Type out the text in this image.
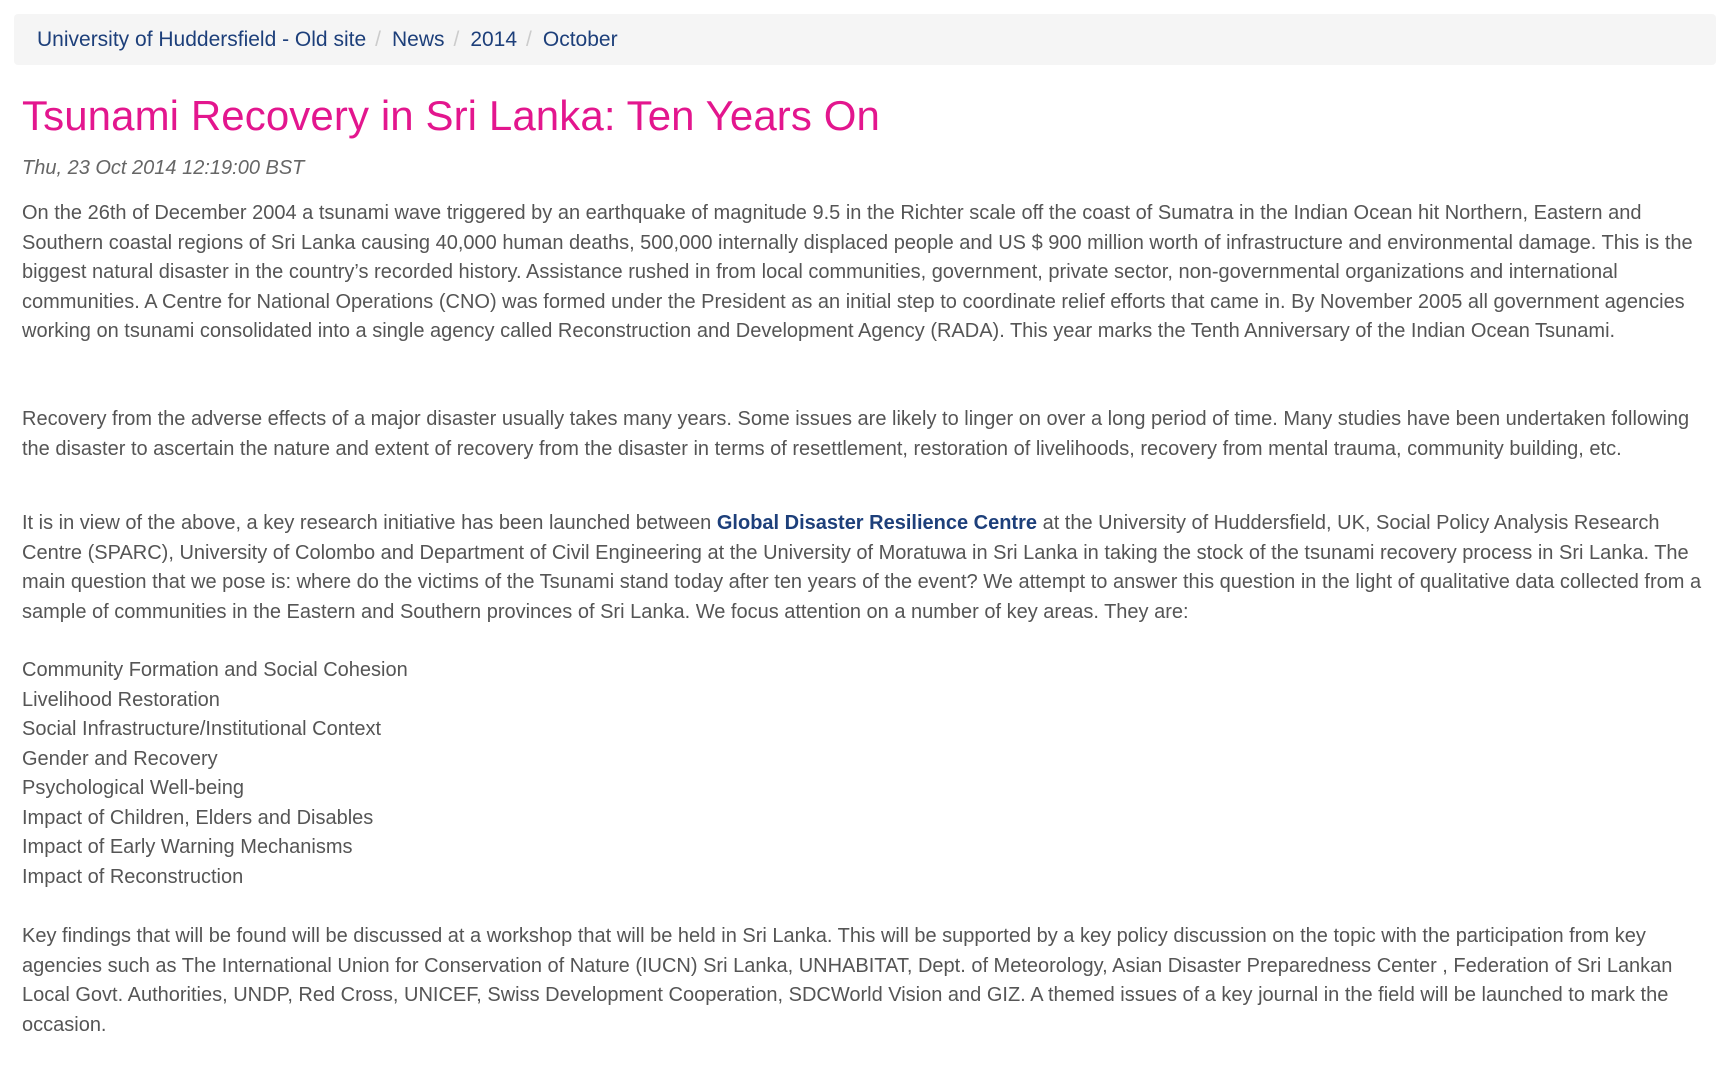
University of Huddersfield - Old site / News / 2014 / October
Tsunami Recovery in Sri Lanka: Ten Years On
Thu, 23 Oct 2014 12:19:00 BST

On the 26th of December 2004 a tsunami wave triggered by an earthquake of magnitude 9.5 in the Richter scale off the coast of Sumatra in the Indian Ocean hit Northern, Eastern and Southern coastal regions of Sri Lanka causing 40,000 human deaths, 500,000 internally displaced people and US $ 900 million worth of infrastructure and environmental damage. This is the biggest natural disaster in the country’s recorded history. Assistance rushed in from local communities, government, private sector, non-governmental organizations and international communities. A Centre for National Operations (CNO) was formed under the President as an initial step to coordinate relief efforts that came in. By November 2005 all government agencies working on tsunami consolidated into a single agency called Reconstruction and Development Agency (RADA). This year marks the Tenth Anniversary of the Indian Ocean Tsunami.

Recovery from the adverse effects of a major disaster usually takes many years. Some issues are likely to linger on over a long period of time. Many studies have been undertaken following the disaster to ascertain the nature and extent of recovery from the disaster in terms of resettlement, restoration of livelihoods, recovery from mental trauma, community building, etc.

It is in view of the above, a key research initiative has been launched between Global Disaster Resilience Centre at the University of Huddersfield, UK, Social Policy Analysis Research Centre (SPARC), University of Colombo and Department of Civil Engineering at the University of Moratuwa in Sri Lanka in taking the stock of the tsunami recovery process in Sri Lanka. The main question that we pose is: where do the victims of the Tsunami stand today after ten years of the event? We attempt to answer this question in the light of qualitative data collected from a sample of communities in the Eastern and Southern provinces of Sri Lanka. We focus attention on a number of key areas. They are:

Community Formation and Social Cohesion
Livelihood Restoration
Social Infrastructure/Institutional Context
Gender and Recovery
Psychological Well-being
Impact of Children, Elders and Disables
Impact of Early Warning Mechanisms
Impact of Reconstruction

Key findings that will be found will be discussed at a workshop that will be held in Sri Lanka. This will be supported by a key policy discussion on the topic with the participation from key agencies such as The International Union for Conservation of Nature (IUCN) Sri Lanka, UNHABITAT, Dept. of Meteorology, Asian Disaster Preparedness Center , Federation of Sri Lankan Local Govt. Authorities, UNDP, Red Cross, UNICEF, Swiss Development Cooperation, SDCWorld Vision and GIZ. A themed issues of a key journal in the field will be launched to mark the occasion.
